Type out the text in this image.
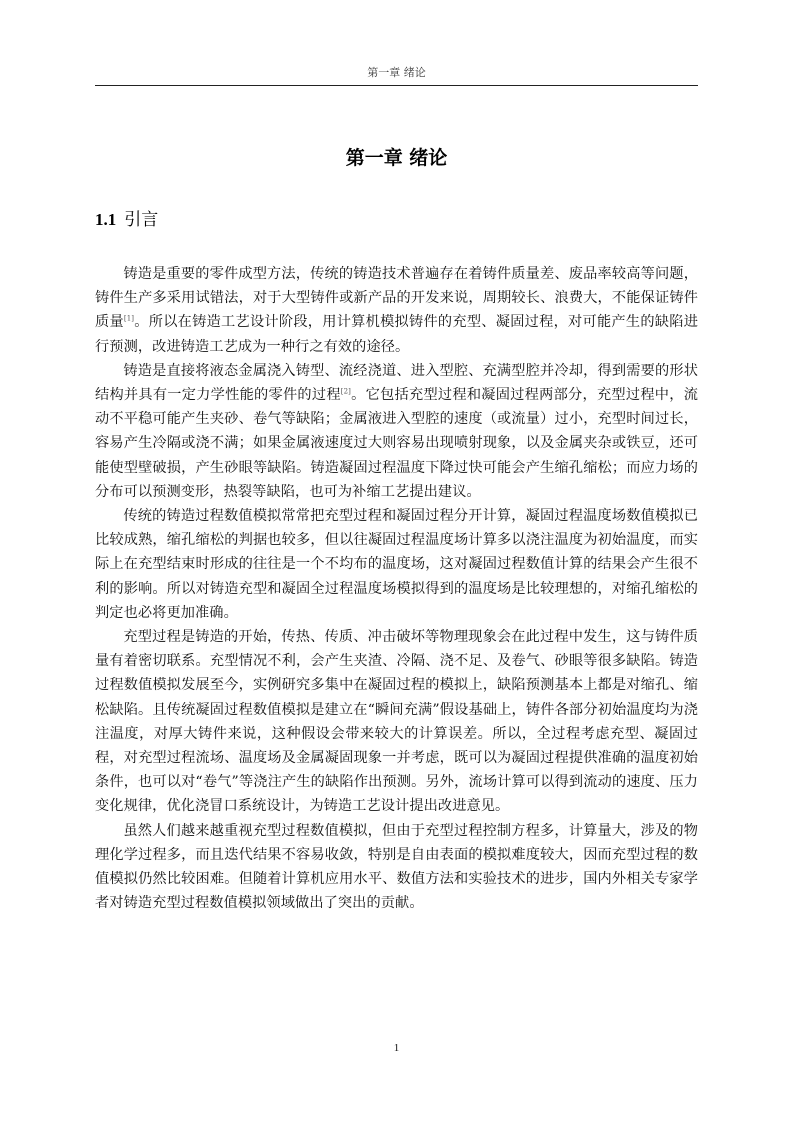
第一章 绪论
第一章 绪论
1.1 引言

铸造是重要的零件成型方法，传统的铸造技术普遍存在着铸件质量差、废品率较高等问题，铸件生产多采用试错法，对于大型铸件或新产品的开发来说，周期较长、浪费大，不能保证铸件质量[1]。所以在铸造工艺设计阶段，用计算机模拟铸件的充型、凝固过程，对可能产生的缺陷进行预测，改进铸造工艺成为一种行之有效的途径。

铸造是直接将液态金属浇入铸型、流经浇道、进入型腔、充满型腔并冷却，得到需要的形状结构并具有一定力学性能的零件的过程[2]。它包括充型过程和凝固过程两部分，充型过程中，流动不平稳可能产生夹砂、卷气等缺陷；金属液进入型腔的速度（或流量）过小，充型时间过长，容易产生冷隔或浇不满；如果金属液速度过大则容易出现喷射现象，以及金属夹杂或铁豆，还可能使型壁破损，产生砂眼等缺陷。铸造凝固过程温度下降过快可能会产生缩孔缩松；而应力场的分布可以预测变形，热裂等缺陷，也可为补缩工艺提出建议。

传统的铸造过程数值模拟常常把充型过程和凝固过程分开计算，凝固过程温度场数值模拟已比较成熟，缩孔缩松的判据也较多，但以往凝固过程温度场计算多以浇注温度为初始温度，而实际上在充型结束时形成的往往是一个不均布的温度场，这对凝固过程数值计算的结果会产生很不利的影响。所以对铸造充型和凝固全过程温度场模拟得到的温度场是比较理想的，对缩孔缩松的判定也必将更加准确。

充型过程是铸造的开始，传热、传质、冲击破坏等物理现象会在此过程中发生，这与铸件质量有着密切联系。充型情况不利，会产生夹渣、冷隔、浇不足、及卷气、砂眼等很多缺陷。铸造过程数值模拟发展至今，实例研究多集中在凝固过程的模拟上，缺陷预测基本上都是对缩孔、缩松缺陷。且传统凝固过程数值模拟是建立在“瞬间充满”假设基础上，铸件各部分初始温度均为浇注温度，对厚大铸件来说，这种假设会带来较大的计算误差。所以，全过程考虑充型、凝固过程，对充型过程流场、温度场及金属凝固现象一并考虑，既可以为凝固过程提供准确的温度初始条件，也可以对“卷气”等浇注产生的缺陷作出预测。另外，流场计算可以得到流动的速度、压力变化规律，优化浇冒口系统设计，为铸造工艺设计提出改进意见。

虽然人们越来越重视充型过程数值模拟，但由于充型过程控制方程多，计算量大，涉及的物理化学过程多，而且迭代结果不容易收敛，特别是自由表面的模拟难度较大，因而充型过程的数值模拟仍然比较困难。但随着计算机应用水平、数值方法和实验技术的进步，国内外相关专家学者对铸造充型过程数值模拟领域做出了突出的贡献。

1
